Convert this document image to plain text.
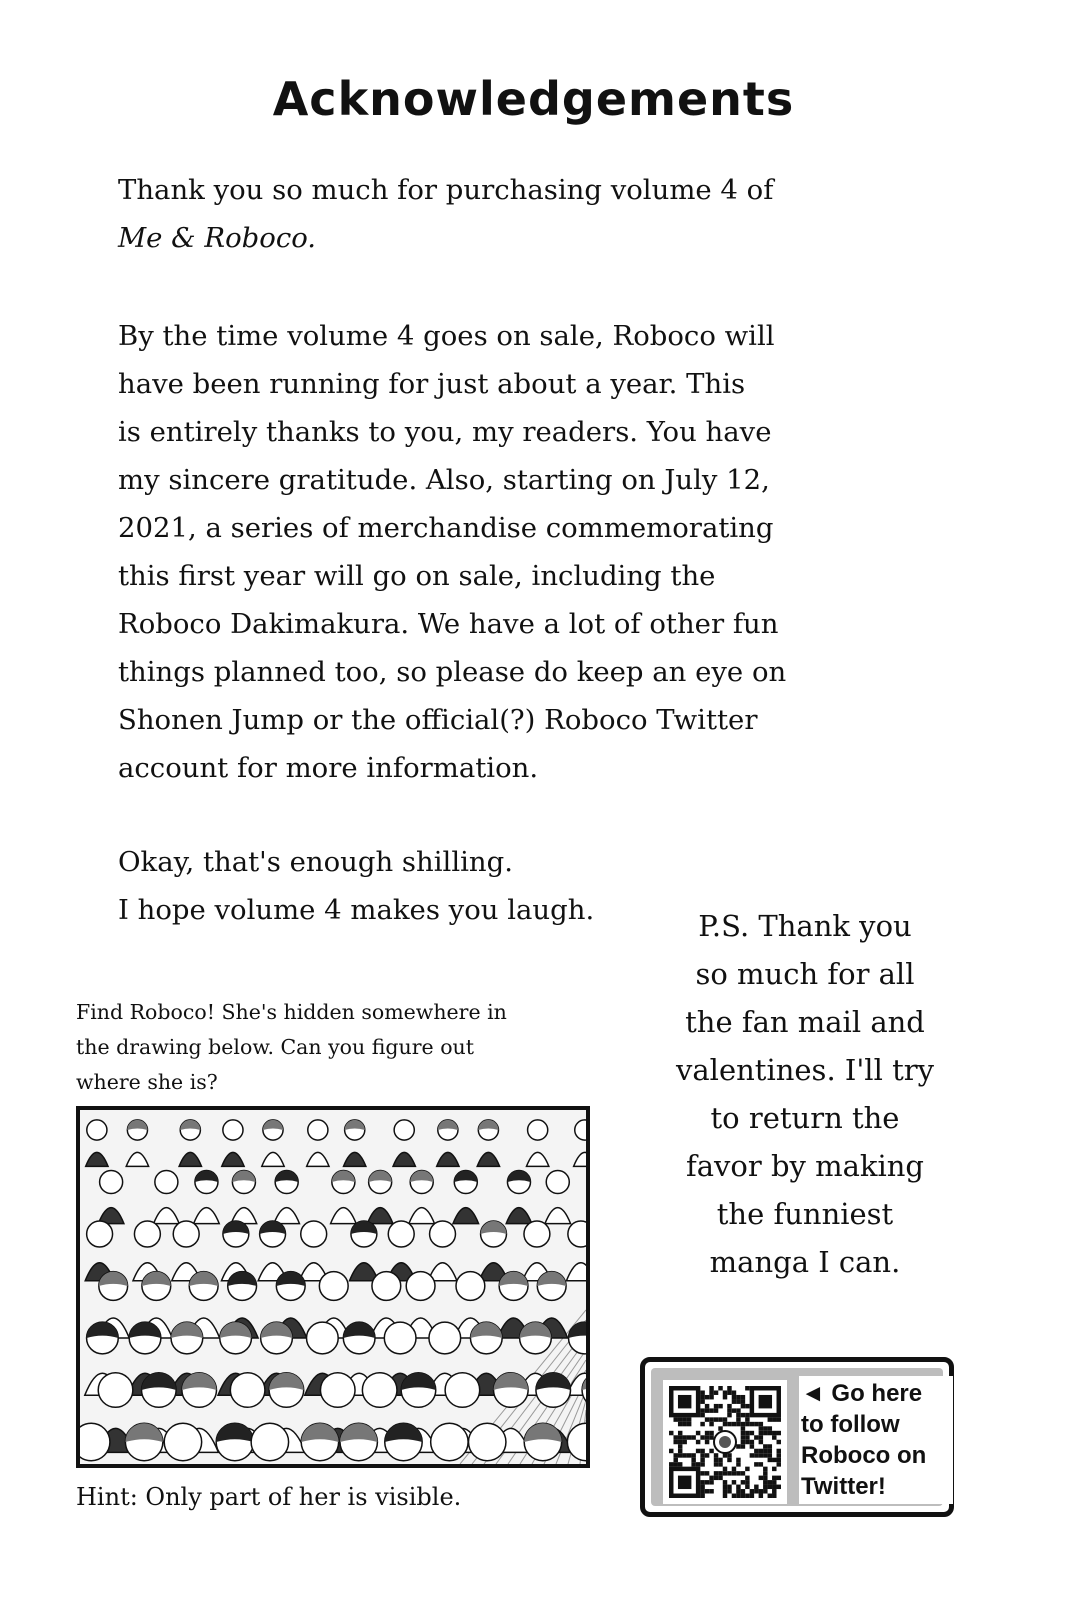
Acknowledgements

Thank you so much for purchasing volume 4 of
Me & Roboco.

By the time volume 4 goes on sale, Roboco will
have been running for just about a year. This
is entirely thanks to you, my readers. You have
my sincere gratitude. Also, starting on July 12,
2021, a series of merchandise commemorating
this first year will go on sale, including the
Roboco Dakimakura. We have a lot of other fun
things planned too, so please do keep an eye on
Shonen Jump or the official(?) Roboco Twitter
account for more information.

Okay, that's enough shilling.
I hope volume 4 makes you laugh.	P.S. Thank you
so much for all
the fan mail and
valentines. I'll try
to return the
favor by making
the funniest
manga I can.
Find Roboco! She's hidden somewhere in
the drawing below. Can you figure out
where she is?
Hint: Only part of her is visible.
◄ Go here
to follow
Roboco on
Twitter!
